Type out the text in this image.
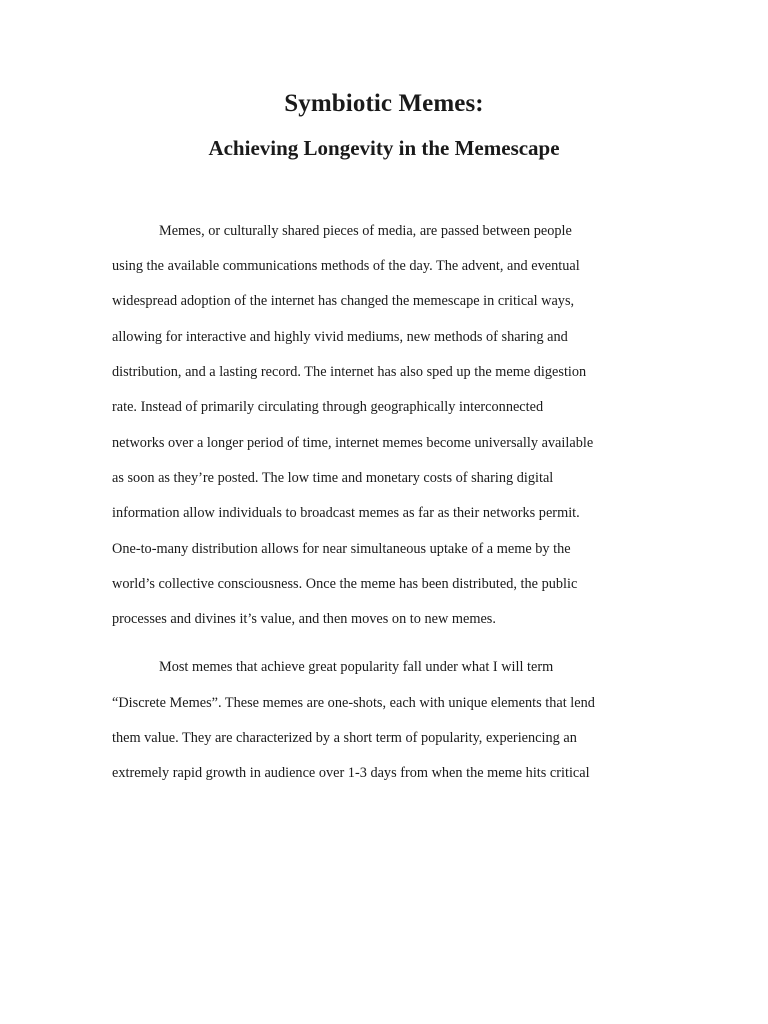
Symbiotic Memes:
Achieving Longevity in the Memescape

Memes, or culturally shared pieces of media, are passed between people

using the available communications methods of the day. The advent, and eventual

widespread adoption of the internet has changed the memescape in critical ways,

allowing for interactive and highly vivid mediums, new methods of sharing and

distribution, and a lasting record. The internet has also sped up the meme digestion

rate. Instead of primarily circulating through geographically interconnected

networks over a longer period of time, internet memes become universally available

as soon as they’re posted. The low time and monetary costs of sharing digital

information allow individuals to broadcast memes as far as their networks permit.

One-to-many distribution allows for near simultaneous uptake of a meme by the

world’s collective consciousness. Once the meme has been distributed, the public

processes and divines it’s value, and then moves on to new memes.

Most memes that achieve great popularity fall under what I will term

“Discrete Memes”. These memes are one-shots, each with unique elements that lend

them value. They are characterized by a short term of popularity, experiencing an

extremely rapid growth in audience over 1-3 days from when the meme hits critical
